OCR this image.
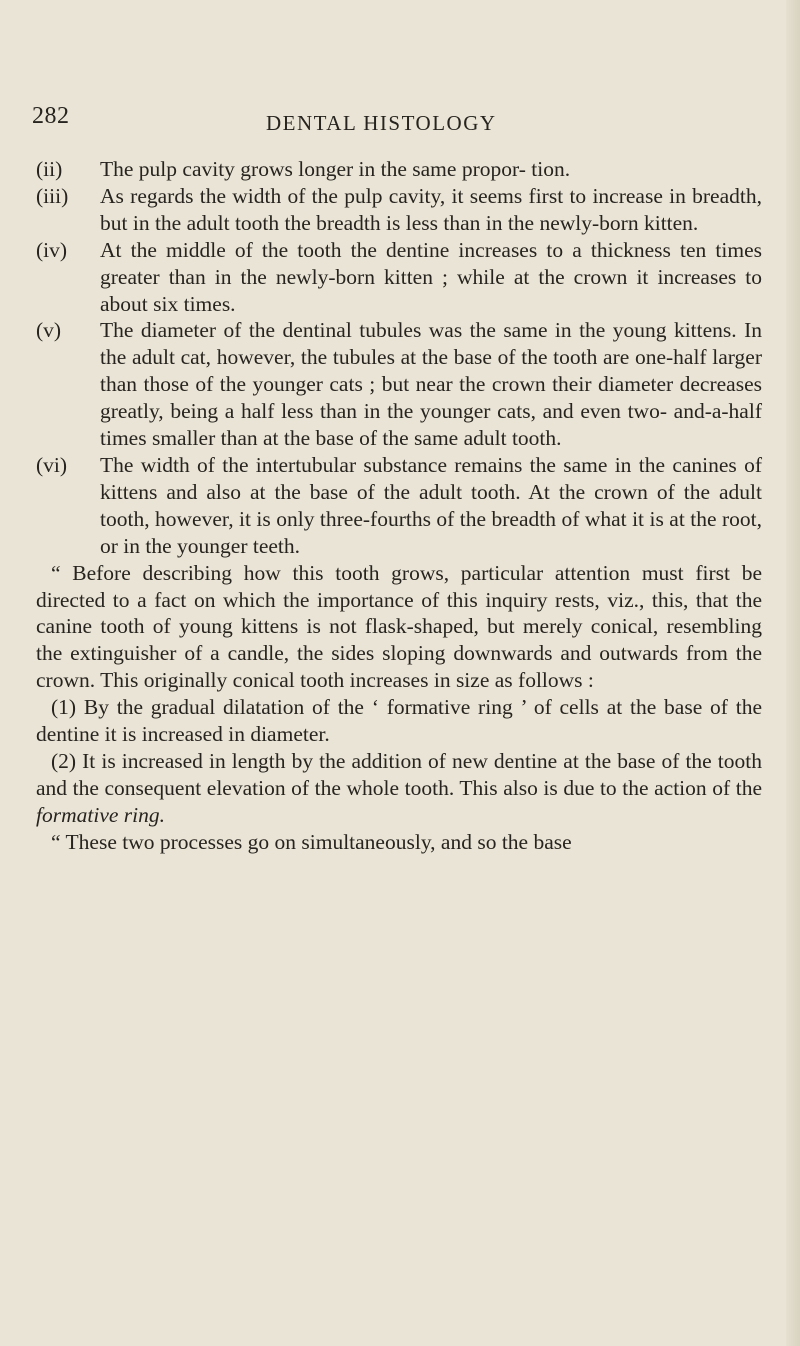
282	DENTAL HISTOLOGY
(ii) The pulp cavity grows longer in the same propor- tion.
(iii) As regards the width of the pulp cavity, it seems first to increase in breadth, but in the adult tooth the breadth is less than in the newly-born kitten.
(iv) At the middle of the tooth the dentine increases to a thickness ten times greater than in the newly-born kitten ; while at the crown it increases to about six times.
(v) The diameter of the dentinal tubules was the same in the young kittens. In the adult cat, however, the tubules at the base of the tooth are one-half larger than those of the younger cats ; but near the crown their diameter decreases greatly, being a half less than in the younger cats, and even two- and-a-half times smaller than at the base of the same adult tooth.
(vi) The width of the intertubular substance remains the same in the canines of kittens and also at the base of the adult tooth. At the crown of the adult tooth, however, it is only three-fourths of the breadth of what it is at the root, or in the younger teeth.

“ Before describing how this tooth grows, particular attention must first be directed to a fact on which the importance of this inquiry rests, viz., this, that the canine tooth of young kittens is not flask-shaped, but merely conical, resembling the extinguisher of a candle, the sides sloping downwards and outwards from the crown. This originally conical tooth increases in size as follows :

(1) By the gradual dilatation of the ‘ formative ring ’ of cells at the base of the dentine it is increased in diameter.

(2) It is increased in length by the addition of new dentine at the base of the tooth and the consequent elevation of the whole tooth. This also is due to the action of the formative ring.

“ These two processes go on simultaneously, and so the base
